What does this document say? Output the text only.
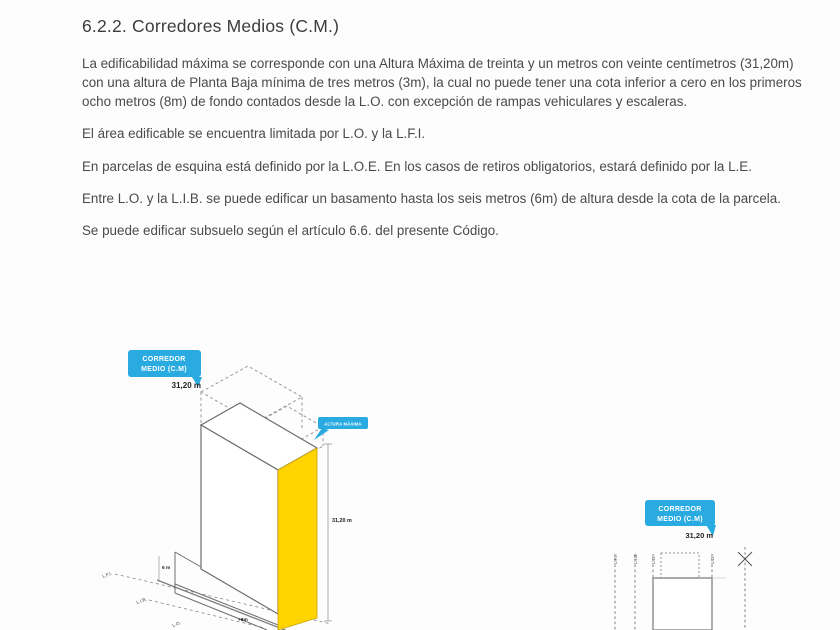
6.2.2. Corredores Medios (C.M.)

La edificabilidad máxima se corresponde con una Altura Máxima de treinta y un metros con veinte centímetros (31,20m) con una altura de Planta Baja mínima de tres metros (3m), la cual no puede tener una cota inferior a cero en los primeros ocho metros (8m) de fondo contados desde la L.O. con excepción de rampas vehiculares y escaleras.

El área edificable se encuentra limitada por L.O. y la L.F.I.

En parcelas de esquina está definido por la L.O.E. En los casos de retiros obligatorios, estará definido por la L.E.

Entre L.O. y la L.I.B. se puede edificar un basamento hasta los seis metros (6m) de altura desde la cota de la parcela.

Se puede edificar subsuelo según el artículo 6.6. del presente Código.

31,20 m
6 m
+8m
L.F.I.
L.I.B.
L.O.
CORREDOR
MEDIO (C.M)
31,20 m
ALTURA MÁXIMA
L.F.I.	L.I.B.	L.O.	L.O.
CORREDOR
MEDIO (C.M)
31,20 m
